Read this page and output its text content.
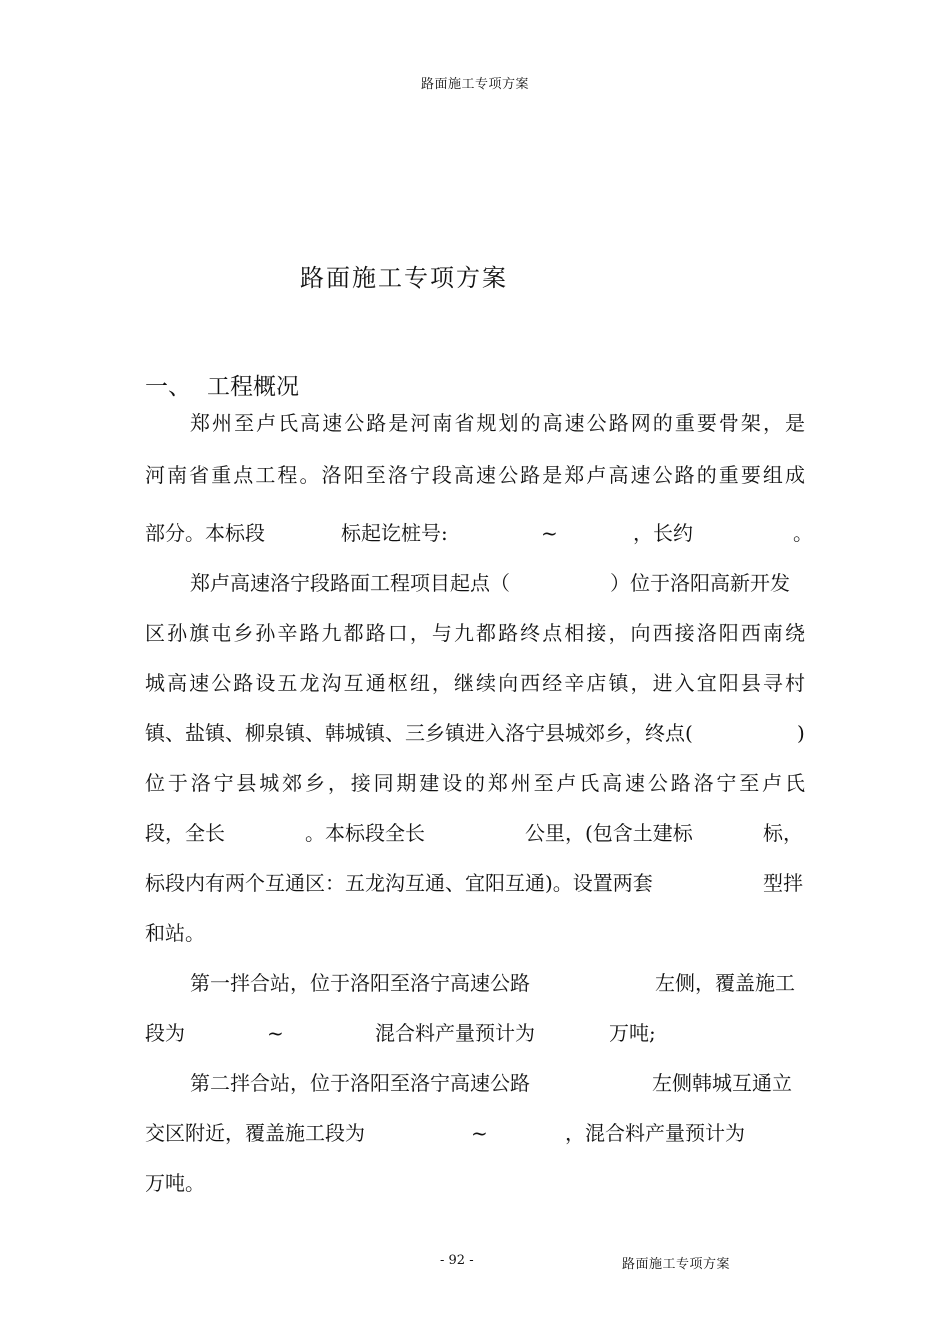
路面施工专项方案
路面施工专项方案
一、 工程概况
郑州至卢氏高速公路是河南省规划的高速公路网的重要骨架，是
河南省重点工程。洛阳至洛宁段高速公路是郑卢高速公路的重要组成
部分。本标段	标起讫桩号:	~	，长约	。
郑卢高速洛宁段路面工程项目起点（	）位于洛阳高新开发
区孙旗屯乡孙辛路九都路口，与九都路终点相接，向西接洛阳西南绕
城高速公路设五龙沟互通枢纽，继续向西经辛店镇，进入宜阳县寻村
镇、盐镇、柳泉镇、韩城镇、三乡镇进入洛宁县城郊乡，终点(	)
位于洛宁县城郊乡，接同期建设的郑州至卢氏高速公路洛宁至卢氏
段，全长	。本标段全长	公里，(包含土建标	标，
标段内有两个互通区：五龙沟互通、宜阳互通)。设置两套	型拌
和站。
第一拌合站，位于洛阳至洛宁高速公路	左侧，覆盖施工
段为	~	混合料产量预计为	万吨;
第二拌合站，位于洛阳至洛宁高速公路	左侧韩城互通立
交区附近，覆盖施工段为	~	，混合料产量预计为
万吨。
- 92 -	路面施工专项方案
